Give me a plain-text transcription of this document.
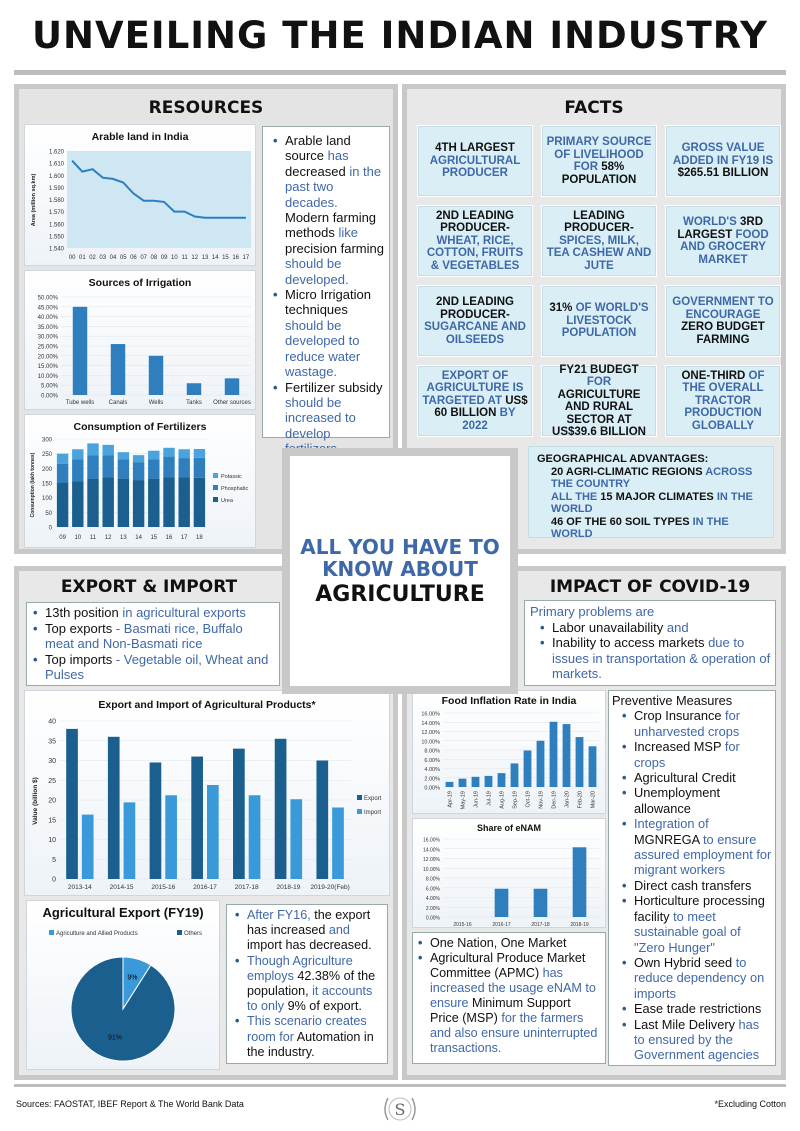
UNVEILING THE INDIAN INDUSTRY
RESOURCES
Arable land in India
1.620
1.610
1.600
1.590
1.580
1.570
1.560
1.550
1.540
00 01 02 03 04 05 06 07 08 09 10 11 12 13 14 15 16 17
Area (million sq.km)
Sources of Irrigation
50.00%
45.00%
40.00%
35.00%
30.00%
25.00%
20.00%
15.00%
10.00%
5.00%
0.00%
Tube wells Canals	Wells	Tanks Other sources
Consumption of Fertilizers
300
250
200
150
100
50
0
09 10 11 12 13 14 15 16 17 18
Potassic
Phosphatic
Urea
Consumption (lakh tonnes)
• Arable land source has decreased in the past two decades. Modern farming methods like precision farming should be developed.
• Micro Irrigation techniques should be developed to reduce water wastage.
• Fertilizer subsidy should be increased to develop
FACTS
4TH LARGEST AGRICULTURAL PRODUCER
PRIMARY SOURCE OF LIVELIHOOD FOR 58% POPULATION
GROSS VALUE ADDED IN FY19 IS $265.51 BILLION
2ND LEADING PRODUCER- WHEAT, RICE, COTTON, FRUITS & VEGETABLES
LEADING PRODUCER- SPICES, MILK, TEA CASHEW AND JUTE
WORLD'S 3RD LARGEST FOOD AND GROCERY MARKET
2ND LEADING PRODUCER- SUGARCANE AND OILSEEDS
31% OF WORLD'S LIVESTOCK POPULATION
GOVERNMENT TO ENCOURAGE ZERO BUDGET FARMING
EXPORT OF AGRICULTURE IS TARGETED AT US$ 60 BILLION BY 2022
FY21 BUDEGT FOR AGRICULTURE AND RURAL SECTOR AT US$39.6 BILLION
ONE-THIRD OF THE OVERALL TRACTOR PRODUCTION GLOBALLY
GEOGRAPHICAL ADVANTAGES:
20 AGRI-CLIMATIC REGIONS ACROSS THE COUNTRY
ALL THE 15 MAJOR CLIMATES IN THE WORLD
46 OF THE 60 SOIL TYPES IN THE WORLD
EXPORT & IMPORT
• 13th position in agricultural exports
• Top exports - Basmati rice, Buffalo meat and Non-Basmati rice
• Top imports - Vegetable oil, Wheat and Pulses
Export and Import of Agricultural Products*
40
35
30
25
20
15
10
5
0
2013-14	2014-15	2015-16	2016-17	2017-18	2018-19 2019-20(Feb)
Export
Import
Value (billion $)
Agricultural Export (FY19)
Agriculture and Allied Products	Others
9%
91%
• After FY16, the export has increased and import has decreased.
• Though Agriculture employs 42.38% of the population, it accounts to only 9% of export.
• This scenario creates room for Automation in the industry.
IMPACT OF COVID-19
Primary problems are
• Labor unavailability and
• Inability to access markets due to issues in transportation & operation of markets.
Food Inflation Rate in India
16.00%
14.00%
12.00%
10.00%
8.00%
6.00%
4.00%
2.00%
0.00%
Apr-19 May-19 Jun-19 Jul-19 Aug-19 Sep-19 Oct-19 Nov-19 Dec-19 Jan-20 Feb-20 Mar-20
Share of eNAM
16.00%
14.00%
12.00%
10.00%
8.00%
6.00%
4.00%
2.00%
0.00%
2015-16	2016-17	2017-18	2018-19
• One Nation, One Market
• Agricultural Produce Market Committee (APMC) has increased the usage eNAM to ensure Minimum Support Price (MSP) for the farmers and also ensure uninterrupted transactions.
Preventive Measures
• Crop Insurance for unharvested crops
• Increased MSP for crops
• Agricultural Credit
• Unemployment allowance
• Integration of MGNREGA to ensure assured employment for migrant workers
• Direct cash transfers
• Horticulture processing facility to meet sustainable goal of "Zero Hunger"
• Own Hybrid seed to reduce dependency on imports
• Ease trade restrictions
• Last Mile Delivery has to ensured by the Government agencies
ALL YOU HAVE TO KNOW ABOUT
AGRICULTURE
Sources: FAOSTAT, IBEF Report & The World Bank Data	*Excluding Cotton
S
